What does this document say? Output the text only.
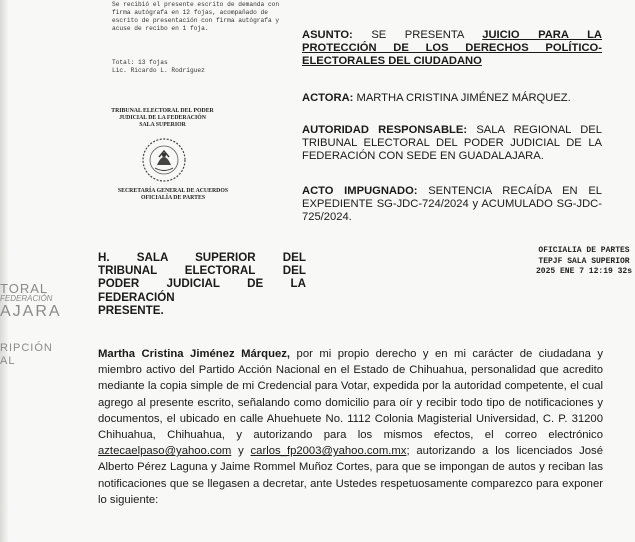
Se recibió el presente escrito de demanda con firma autógrafa en 12 fojas, acompañado de escrito de presentación con firma autógrafa y acuse de recibo en 1 foja.
Total: 13 fojas
Lic. Ricardo L. Rodríguez
TRIBUNAL ELECTORAL DEL PODER
JUDICIAL DE LA FEDERACIÓN
SALA SUPERIOR
SECRETARÍA GENERAL DE ACUERDOS
OFICIALÍA DE PARTES
ASUNTO: SE PRESENTA JUICIO PARA LA PROTECCIÓN DE LOS DERECHOS POLÍTICO-ELECTORALES DEL CIUDADANO
ACTORA: MARTHA CRISTINA JIMÉNEZ MÁRQUEZ.
AUTORIDAD RESPONSABLE: SALA REGIONAL DEL TRIBUNAL ELECTORAL DEL PODER JUDICIAL DE LA FEDERACIÓN CON SEDE EN GUADALAJARA.
ACTO IMPUGNADO: SENTENCIA RECAÍDA EN EL EXPEDIENTE SG-JDC-724/2024 y ACUMULADO SG-JDC-725/2024.
H. SALA SUPERIOR DEL
TRIBUNAL ELECTORAL DEL
PODER JUDICIAL DE LA
FEDERACIÓN
PRESENTE.
OFICIALIA DE PARTES
TEPJF SALA SUPERIOR
2025 ENE 7 12:19 32s
TORAL
FEDERACIÓN
AJARA
RIPCIÓN
AL
Martha Cristina Jiménez Márquez, por mi propio derecho y en mi carácter de ciudadana y miembro activo del Partido Acción Nacional en el Estado de Chihuahua, personalidad que acredito mediante la copia simple de mi Credencial para Votar, expedida por la autoridad competente, el cual agrego al presente escrito, señalando como domicilio para oír y recibir todo tipo de notificaciones y documentos, el ubicado en calle Ahuehuete No. 1112 Colonia Magisterial Universidad, C. P. 31200 Chihuahua, Chihuahua, y autorizando para los mismos efectos, el correo electrónico aztecaelpaso@yahoo.com y carlos_fp2003@yahoo.com.mx; autorizando a los licenciados José Alberto Pérez Laguna y Jaime Rommel Muñoz Cortes, para que se impongan de autos y reciban las notificaciones que se llegasen a decretar, ante Ustedes respetuosamente comparezco para exponer lo siguiente:
